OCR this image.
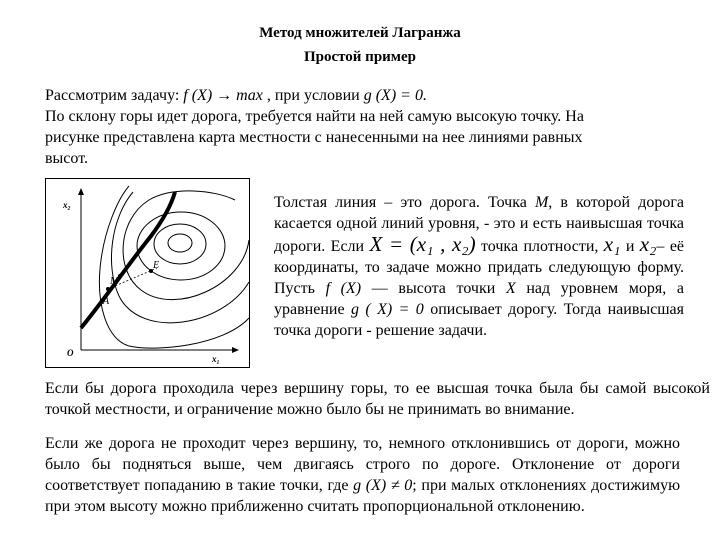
Метод множителей Лагранжа
Простой пример
Рассмотрим задачу: f (X) → max , при условии g (X) = 0.
По склону горы идет дорога, требуется найти на ней самую высокую точку. На
рисунке представлена карта местности с нанесенными на нее линиями равных
высот.
x₂
x₁
O
M
A
E
Толстая линия – это дорога. Точка M, в которой дорога касается одной линий уровня, - это и есть наивысшая точка дороги. Если X = (x₁ , x₂) точка плотности, x₁ и x₂– её координаты, то задаче можно придать следующую форму. Пусть f (X) — высота точки X над уровнем моря, а уравнение g ( X) = 0 описывает дорогу. Тогда наивысшая точка дороги - решение задачи.
Если бы дорога проходила через вершину горы, то ее высшая точка была бы самой высокой точкой местности, и ограничение можно было бы не принимать во внимание.
Если же дорога не проходит через вершину, то, немного отклонившись от дороги, можно было бы подняться выше, чем двигаясь строго по дороге. Отклонение от дороги соответствует попаданию в такие точки, где g (X) ≠ 0; при малых отклонениях достижимую при этом высоту можно приближенно считать пропорциональной отклонению.
